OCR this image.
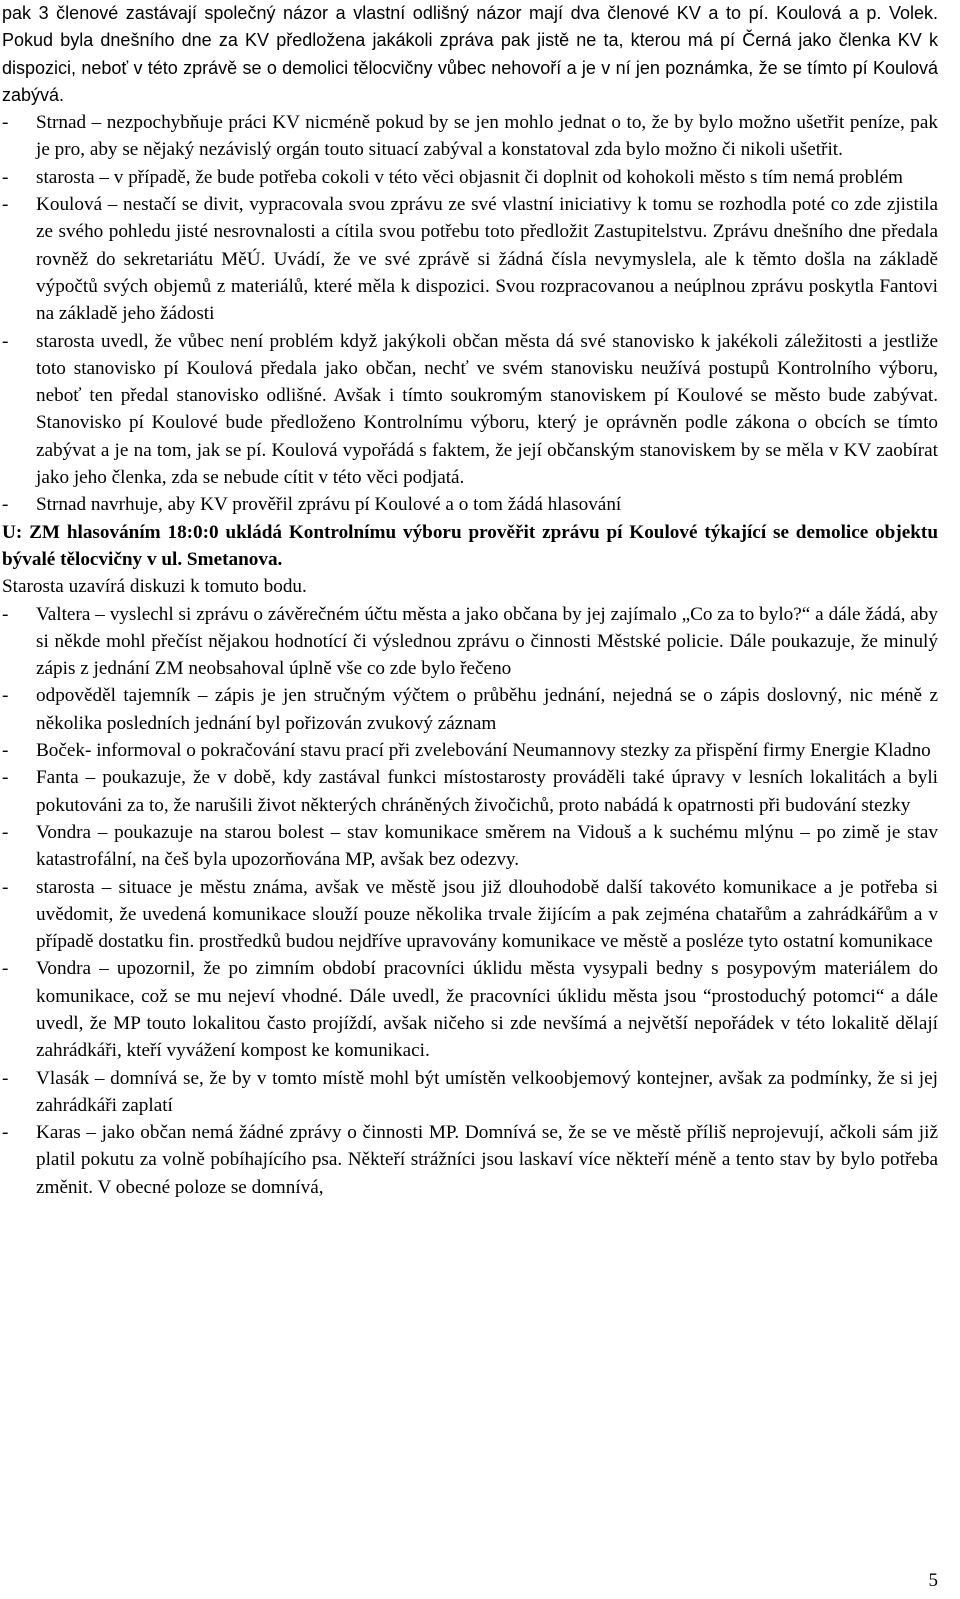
pak 3 členové zastávají společný názor a vlastní odlišný názor mají dva členové KV a to pí. Koulová a p. Volek. Pokud byla dnešního dne za KV předložena jakákoli zpráva pak jistě ne ta, kterou má pí Černá jako členka KV k dispozici, neboť v této zprávě se o demolici tělocvičny vůbec nehovoří a je v ní jen poznámka, že se tímto pí Koulová zabývá.

- Strnad – nezpochybňuje práci KV nicméně pokud by se jen mohlo jednat o to, že by bylo možno ušetřit peníze, pak je pro, aby se nějaký nezávislý orgán touto situací zabýval a konstatoval zda bylo možno či nikoli ušetřit.

- starosta – v případě, že bude potřeba cokoli v této věci objasnit či doplnit od kohokoli město s tím nemá problém

- Koulová – nestačí se divit, vypracovala svou zprávu ze své vlastní iniciativy k tomu se rozhodla poté co zde zjistila ze svého pohledu jisté nesrovnalosti a cítila svou potřebu toto předložit Zastupitelstvu. Zprávu dnešního dne předala rovněž do sekretariátu MěÚ. Uvádí, že ve své zprávě si žádná čísla nevymyslela, ale k těmto došla na základě výpočtů svých objemů z materiálů, které měla k dispozici. Svou rozpracovanou a neúplnou zprávu poskytla Fantovi na základě jeho žádosti

- starosta uvedl, že vůbec není problém když jakýkoli občan města dá své stanovisko k jakékoli záležitosti a jestliže toto stanovisko pí Koulová předala jako občan, nechť ve svém stanovisku neužívá postupů Kontrolního výboru, neboť ten předal stanovisko odlišné. Avšak i tímto soukromým stanoviskem pí Koulové se město bude zabývat. Stanovisko pí Koulové bude předloženo Kontrolnímu výboru, který je oprávněn podle zákona o obcích se tímto zabývat a je na tom, jak se pí. Koulová vypořádá s faktem, že její občanským stanoviskem by se měla v KV zaobírat jako jeho členka, zda se nebude cítit v této věci podjatá.

- Strnad navrhuje, aby KV prověřil zprávu pí Koulové a o tom žádá hlasování

U: ZM hlasováním 18:0:0 ukládá Kontrolnímu výboru prověřit zprávu pí Koulové týkající se demolice objektu bývalé tělocvičny v ul. Smetanova.

Starosta uzavírá diskuzi k tomuto bodu.

- Valtera – vyslechl si zprávu o závěrečném účtu města a jako občana by jej zajímalo „Co za to bylo?“ a dále žádá, aby si někde mohl přečíst nějakou hodnotící či výslednou zprávu o činnosti Městské policie. Dále poukazuje, že minulý zápis z jednání ZM neobsahoval úplně vše co zde bylo řečeno

- odpověděl tajemník – zápis je jen stručným výčtem o průběhu jednání, nejedná se o zápis doslovný, nic méně z několika posledních jednání byl pořizován zvukový záznam

- Boček- informoval o pokračování stavu prací při zvelebování Neumannovy stezky za přispění firmy Energie Kladno

- Fanta – poukazuje, že v době, kdy zastával funkci místostarosty prováděli také úpravy v lesních lokalitách a byli pokutováni za to, že narušili život některých chráněných živočichů, proto nabádá k opatrnosti při budování stezky

- Vondra – poukazuje na starou bolest – stav komunikace směrem na Vidouš a k suchému mlýnu – po zimě je stav katastrofální, na češ byla upozorňována MP, avšak bez odezvy.

- starosta – situace je městu známa, avšak ve městě jsou již dlouhodobě další takovéto komunikace a je potřeba si uvědomit, že uvedená komunikace slouží pouze několika trvale žijícím a pak zejména chatařům a zahrádkářům a v případě dostatku fin. prostředků budou nejdříve upravovány komunikace ve městě a posléze tyto ostatní komunikace

- Vondra – upozornil, že po zimním období pracovníci úklidu města vysypali bedny s posypovým materiálem do komunikace, což se mu nejeví vhodné. Dále uvedl, že pracovníci úklidu města jsou “prostoduchý potomci“ a dále uvedl, že MP touto lokalitou často projíždí, avšak ničeho si zde nevšímá a největší nepořádek v této lokalitě dělají zahrádkáři, kteří vyvážení kompost ke komunikaci.

- Vlasák – domnívá se, že by v tomto místě mohl být umístěn velkoobjemový kontejner, avšak za podmínky, že si jej zahrádkáři zaplatí

- Karas – jako občan nemá žádné zprávy o činnosti MP. Domnívá se, že se ve městě příliš neprojevují, ačkoli sám již platil pokutu za volně pobíhajícího psa. Někteří strážníci jsou laskaví více někteří méně a tento stav by bylo potřeba změnit. V obecné poloze se domnívá,

5
